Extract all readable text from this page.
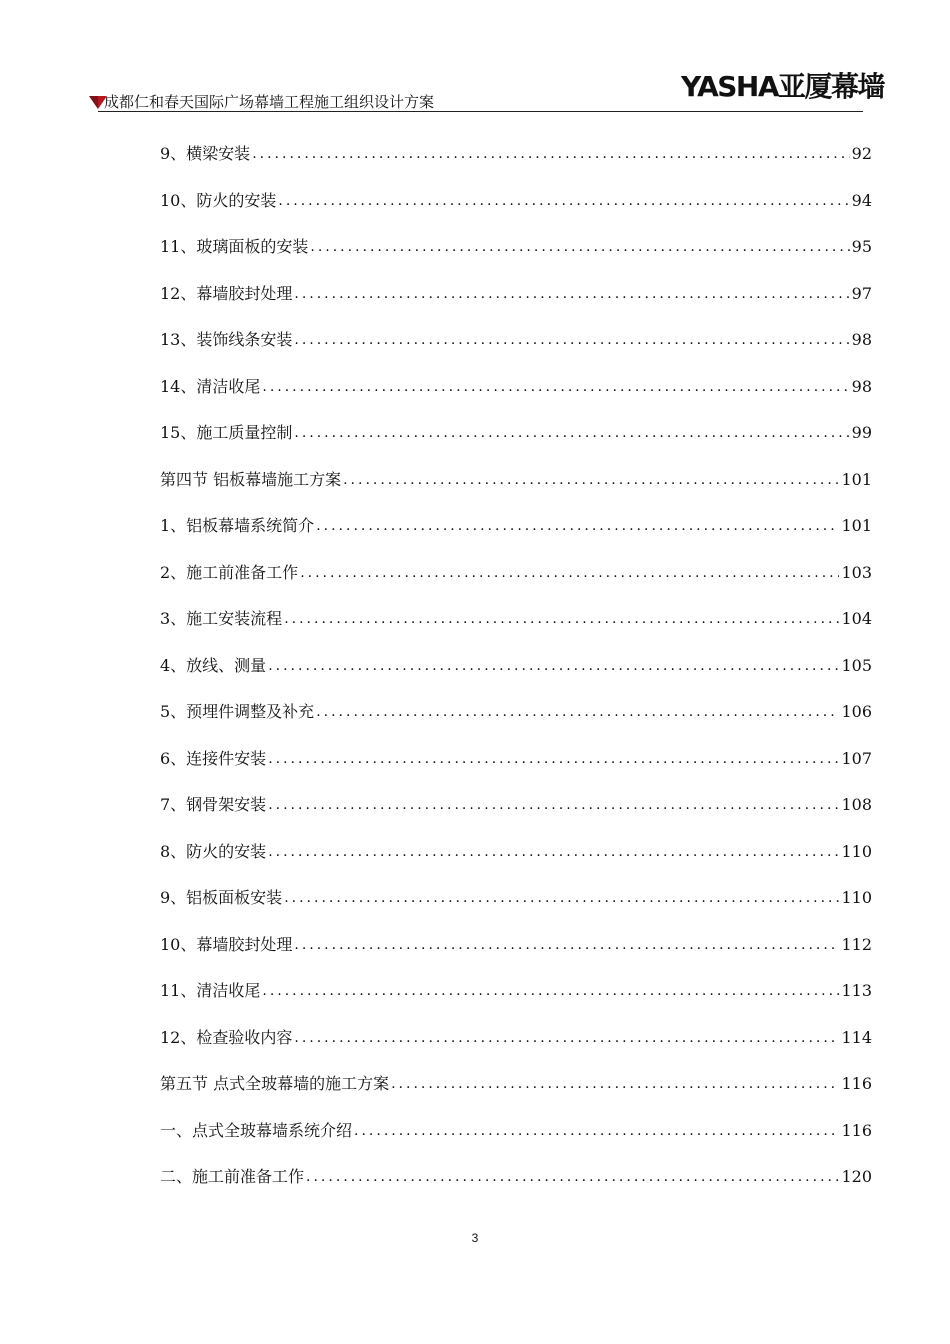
成都仁和春天国际广场幕墙工程施工组织设计方案	YASHA亚厦幕墙
9、横梁安装 .....	92
10、防火的安装 .....	94
11、玻璃面板的安装 .....	95
12、幕墙胶封处理 .....	97
13、装饰线条安装 .....	98
14、清洁收尾 .....	98
15、施工质量控制 .....	99
第四节 铝板幕墙施工方案 .....	101
1、铝板幕墙系统简介 .....	101
2、施工前准备工作 .....	103
3、施工安装流程 .....	104
4、放线、测量 .....	105
5、预埋件调整及补充 .....	106
6、连接件安装 .....	107
7、钢骨架安装 .....	108
8、防火的安装 .....	110
9、铝板面板安装 .....	110
10、幕墙胶封处理 .....	112
11、清洁收尾 .....	113
12、检查验收内容 .....	114
第五节 点式全玻幕墙的施工方案 .....	116
一、点式全玻幕墙系统介绍 .....	116
二、施工前准备工作 .....	120
3
